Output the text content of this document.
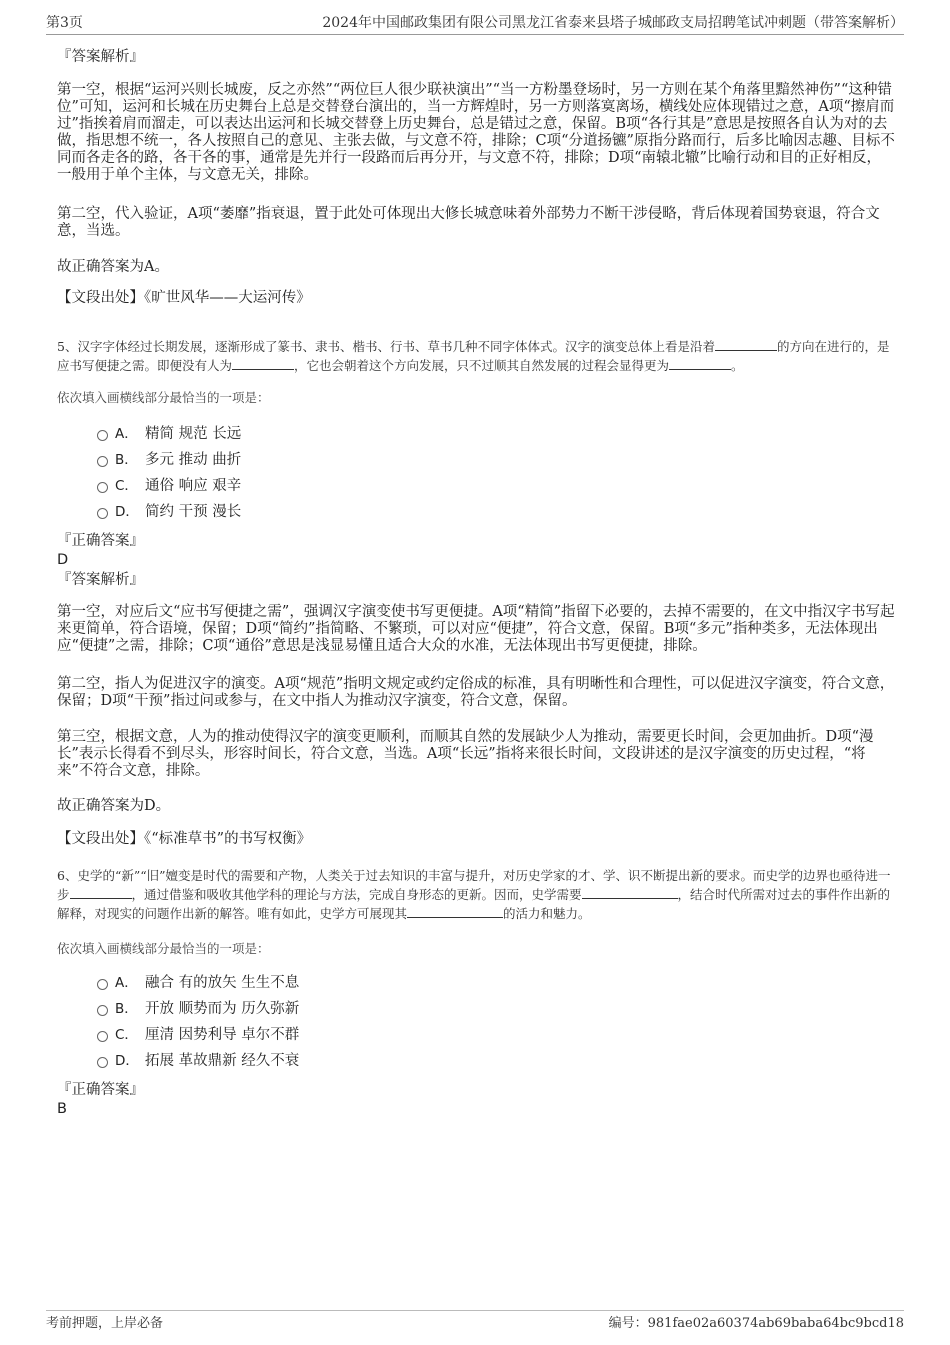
第3页	2024年中国邮政集团有限公司黑龙江省泰来县塔子城邮政支局招聘笔试冲刺题（带答案解析）
『答案解析』
第一空，根据“运河兴则长城废，反之亦然”“两位巨人很少联袂演出”“当一方粉墨登场时，另一方则在某个角落里黯然神伤”“这种错位”可知，运河和长城在历史舞台上总是交替登台演出的，当一方辉煌时，另一方则落寞离场，横线处应体现错过之意，A项“擦肩而过”指挨着肩而溜走，可以表达出运河和长城交替登上历史舞台，总是错过之意，保留。B项“各行其是”意思是按照各自认为对的去做，指思想不统一，各人按照自己的意见、主张去做，与文意不符，排除；C项“分道扬镳”原指分路而行，后多比喻因志趣、目标不同而各走各的路，各干各的事，通常是先并行一段路而后再分开，与文意不符，排除；D项“南辕北辙”比喻行动和目的正好相反，一般用于单个主体，与文意无关，排除。
第二空，代入验证，A项“萎靡”指衰退，置于此处可体现出大修长城意味着外部势力不断干涉侵略，背后体现着国势衰退，符合文意，当选。
故正确答案为A。
【文段出处】《旷世风华——大运河传》
5、汉字字体经过长期发展，逐渐形成了篆书、隶书、楷书、行书、草书几种不同字体体式。汉字的演变总体上看是沿着	的方向在进行的，是应书写便捷之需。即便没有人为	，它也会朝着这个方向发展，只不过顺其自然发展的过程会显得更为	。
依次填入画横线部分最恰当的一项是：
A． 精简 规范 长远
B． 多元 推动 曲折
C． 通俗 响应 艰辛
D． 简约 干预 漫长
『正确答案』
D
『答案解析』
第一空，对应后文“应书写便捷之需”，强调汉字演变使书写更便捷。A项“精简”指留下必要的，去掉不需要的，在文中指汉字书写起来更简单，符合语境，保留；D项“简约”指简略、不繁琐，可以对应“便捷”，符合文意，保留。B项“多元”指种类多，无法体现出应“便捷”之需，排除；C项“通俗”意思是浅显易懂且适合大众的水准，无法体现出书写更便捷，排除。
第二空，指人为促进汉字的演变。A项“规范”指明文规定或约定俗成的标准，具有明晰性和合理性，可以促进汉字演变，符合文意，保留；D项“干预”指过问或参与，在文中指人为推动汉字演变，符合文意，保留。
第三空，根据文意，人为的推动使得汉字的演变更顺利，而顺其自然的发展缺少人为推动，需要更长时间，会更加曲折。D项“漫长”表示长得看不到尽头，形容时间长，符合文意，当选。A项“长远”指将来很长时间，文段讲述的是汉字演变的历史过程，“将来”不符合文意，排除。
故正确答案为D。
【文段出处】《“标准草书”的书写权衡》
6、史学的“新”“旧”嬗变是时代的需要和产物，人类关于过去知识的丰富与提升，对历史学家的才、学、识不断提出新的要求。而史学的边界也亟待进一步	，通过借鉴和吸收其他学科的理论与方法，完成自身形态的更新。因而，史学需要	，结合时代所需对过去的事件作出新的解释，对现实的问题作出新的解答。唯有如此，史学方可展现其	的活力和魅力。
依次填入画横线部分最恰当的一项是：
A． 融合 有的放矢 生生不息
B． 开放 顺势而为 历久弥新
C． 厘清 因势利导 卓尔不群
D． 拓展 革故鼎新 经久不衰
『正确答案』
B
考前押题，上岸必备	编号：981fae02a60374ab69baba64bc9bcd18
